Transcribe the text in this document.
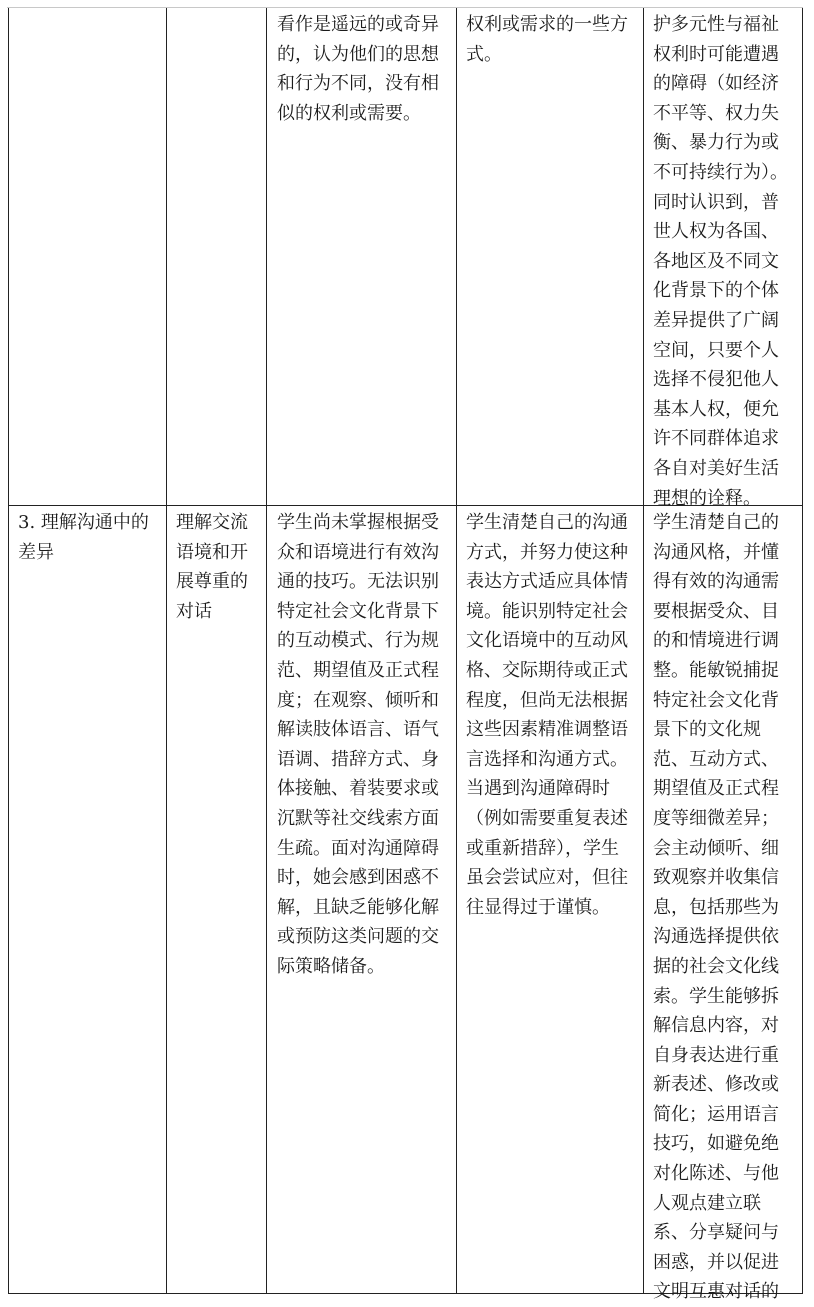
看作是遥远的或奇异的，认为他们的思想和行为不同，没有相似的权利或需要。
权利或需求的一些方式。
护多元性与福祉权利时可能遭遇的障碍（如经济不平等、权力失衡、暴力行为或不可持续行为）。同时认识到，普世人权为各国、各地区及不同文化背景下的个体差异提供了广阔空间，只要个人选择不侵犯他人基本人权，便允许不同群体追求各自对美好生活理想的诠释。
3. 理解沟通中的差异
理解交流语境和开展尊重的对话
学生尚未掌握根据受众和语境进行有效沟通的技巧。无法识别特定社会文化背景下的互动模式、行为规范、期望值及正式程度；在观察、倾听和解读肢体语言、语气语调、措辞方式、身体接触、着装要求或沉默等社交线索方面生疏。面对沟通障碍时，她会感到困惑不解，且缺乏能够化解或预防这类问题的交际策略储备。
学生清楚自己的沟通方式，并努力使这种表达方式适应具体情境。能识别特定社会文化语境中的互动风格、交际期待或正式程度，但尚无法根据这些因素精准调整语言选择和沟通方式。当遇到沟通障碍时（例如需要重复表述或重新措辞），学生虽会尝试应对，但往往显得过于谨慎。
学生清楚自己的沟通风格，并懂得有效的沟通需要根据受众、目的和情境进行调整。能敏锐捕捉特定社会文化背景下的文化规范、互动方式、期望值及正式程度等细微差异；会主动倾听、细致观察并收集信息，包括那些为沟通选择提供依据的社会文化线索。学生能够拆解信息内容，对自身表达进行重新表述、修改或简化；运用语言技巧，如避免绝对化陈述、与他人观点建立联系、分享疑问与困惑，并以促进文明互惠对话的
